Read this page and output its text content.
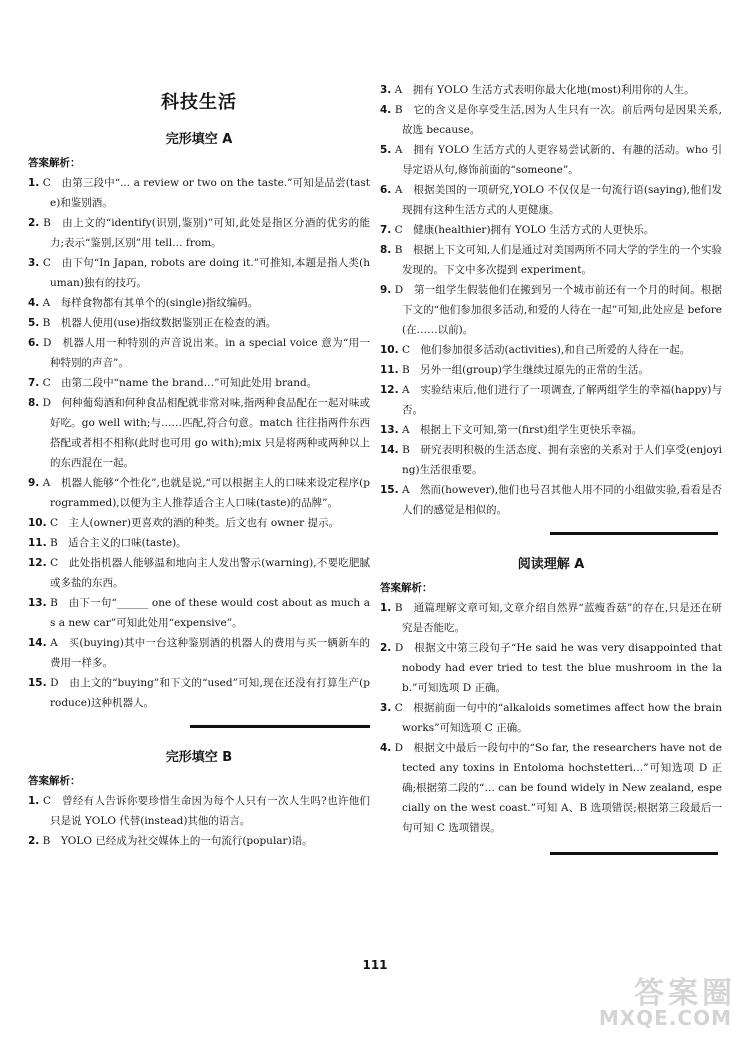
科技生活
完形填空 A
答案解析：
1. C　由第三段中“... a review or two on the taste.”可知是品尝(taste)和鉴别酒。
2. B　由上文的“identify(识别,鉴别)”可知,此处是指区分酒的优劣的能力;表示“鉴别,区别”用 tell… from。
3. C　由下句“In Japan, robots are doing it.”可推知,本题是指人类(human)独有的技巧。
4. A　每样食物都有其单个的(single)指纹编码。
5. B　机器人使用(use)指纹数据鉴别正在检查的酒。
6. D　机器人用一种特别的声音说出来。in a special voice 意为“用一种特别的声音”。
7. C　由第二段中“name the brand…”可知此处用 brand。
8. D　何种葡萄酒和何种食品相配就非常对味,指两种食品配在一起对味或好吃。go well with;与……匹配,符合句意。match 往往指两件东西搭配或者相不相称(此时也可用 go with);mix 只是将两种或两种以上的东西混在一起。
9. A　机器人能够“个性化”,也就是说,“可以根据主人的口味来设定程序(programmed),以便为主人推荐适合主人口味(taste)的品牌”。
10. C　主人(owner)更喜欢的酒的种类。后文也有 owner 提示。
11. B　适合主义的口味(taste)。
12. C　此处指机器人能够温和地向主人发出警示(warning),不要吃肥腻或多盐的东西。
13. B　由下一句“______ one of these would cost about as much as a new car”可知此处用“expensive”。
14. A　买(buying)其中一台这种鉴别酒的机器人的费用与买一辆新车的费用一样多。
15. D　由上文的“buying”和下文的“used”可知,现在还没有打算生产(produce)这种机器人。
完形填空 B
答案解析：
1. C　曾经有人告诉你要珍惜生命因为每个人只有一次人生吗?也许他们只是说 YOLO 代替(instead)其他的语言。
2. B　YOLO 已经成为社交媒体上的一句流行(popular)语。
3. A　拥有 YOLO 生活方式表明你最大化地(most)利用你的人生。
4. B　它的含义是你享受生活,因为人生只有一次。前后两句是因果关系,故选 because。
5. A　拥有 YOLO 生活方式的人更容易尝试新的、有趣的活动。who 引导定语从句,修饰前面的“someone”。
6. A　根据美国的一项研究,YOLO 不仅仅是一句流行语(saying),他们发现拥有这种生活方式的人更健康。
7. C　健康(healthier)拥有 YOLO 生活方式的人更快乐。
8. B　根据上下文可知,人们是通过对美国两所不同大学的学生的一个实验发现的。下文中多次提到 experiment。
9. D　第一组学生假装他们在搬到另一个城市前还有一个月的时间。根据下文的“他们参加很多活动,和爱的人待在一起”可知,此处应是 before(在……以前)。
10. C　他们参加很多活动(activities),和自己所爱的人待在一起。
11. B　另外一组(group)学生继续过原先的正常的生活。
12. A　实验结束后,他们进行了一项调查,了解两组学生的幸福(happy)与否。
13. A　根据上下文可知,第一(first)组学生更快乐幸福。
14. B　研究表明积极的生活态度、拥有亲密的关系对于人们享受(enjoying)生活很重要。
15. A　然而(however),他们也号召其他人用不同的小组做实验,看看是否人们的感觉是相似的。
阅读理解 A
答案解析：
1. B　通篇理解文章可知,文章介绍自然界“蓝瘦香菇”的存在,只是还在研究是否能吃。
2. D　根据文中第三段句子“He said he was very disappointed that nobody had ever tried to test the blue mushroom in the lab.”可知选项 D 正确。
3. C　根据前面一句中的“alkaloids sometimes affect how the brain works”可知选项 C 正确。
4. D　根据文中最后一段句中的“So far, the researchers have not detected any toxins in Entoloma hochstetteri…”可知选项 D 正确;根据第二段的“… can be found widely in New zealand, especially on the west coast.”可知 A、B 选项错误;根据第三段最后一句可知 C 选项错误。
111
答案圈
MXQE.COM
